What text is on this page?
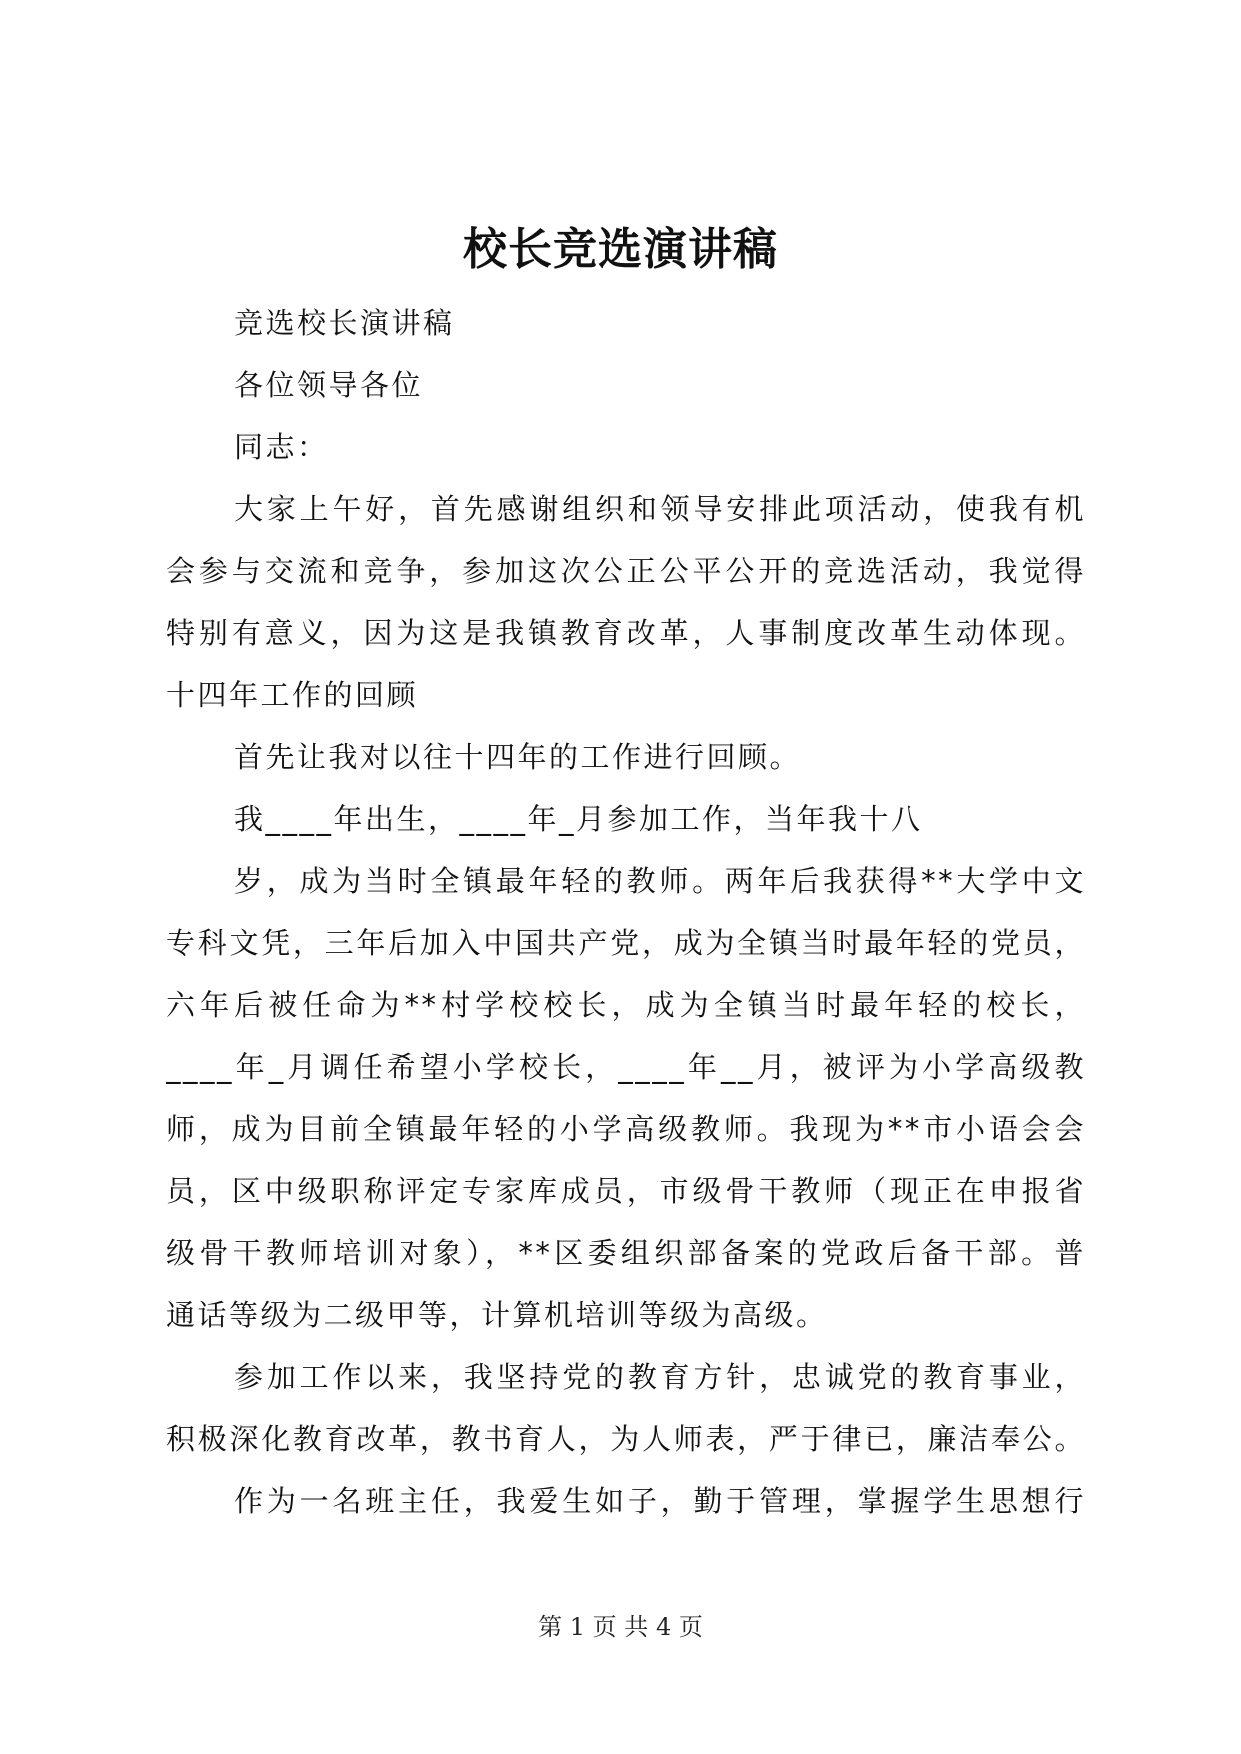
校长竞选演讲稿
竞选校长演讲稿
各位领导各位
同志：
大家上午好，首先感谢组织和领导安排此项活动，使我有机
会参与交流和竞争，参加这次公正公平公开的竞选活动，我觉得
特别有意义，因为这是我镇教育改革，人事制度改革生动体现。
十四年工作的回顾
首先让我对以往十四年的工作进行回顾。
我____年出生，____年_月参加工作，当年我十八
岁，成为当时全镇最年轻的教师。两年后我获得**大学中文
专科文凭，三年后加入中国共产党，成为全镇当时最年轻的党员，
六年后被任命为**村学校校长，成为全镇当时最年轻的校长，
____年_月调任希望小学校长，____年__月，被评为小学高级教
师，成为目前全镇最年轻的小学高级教师。我现为**市小语会会
员，区中级职称评定专家库成员，市级骨干教师（现正在申报省
级骨干教师培训对象），**区委组织部备案的党政后备干部。普
通话等级为二级甲等，计算机培训等级为高级。
参加工作以来，我坚持党的教育方针，忠诚党的教育事业，
积极深化教育改革，教书育人，为人师表，严于律已，廉洁奉公。
作为一名班主任，我爱生如子，勤于管理，掌握学生思想行
第 1 页 共 4 页
